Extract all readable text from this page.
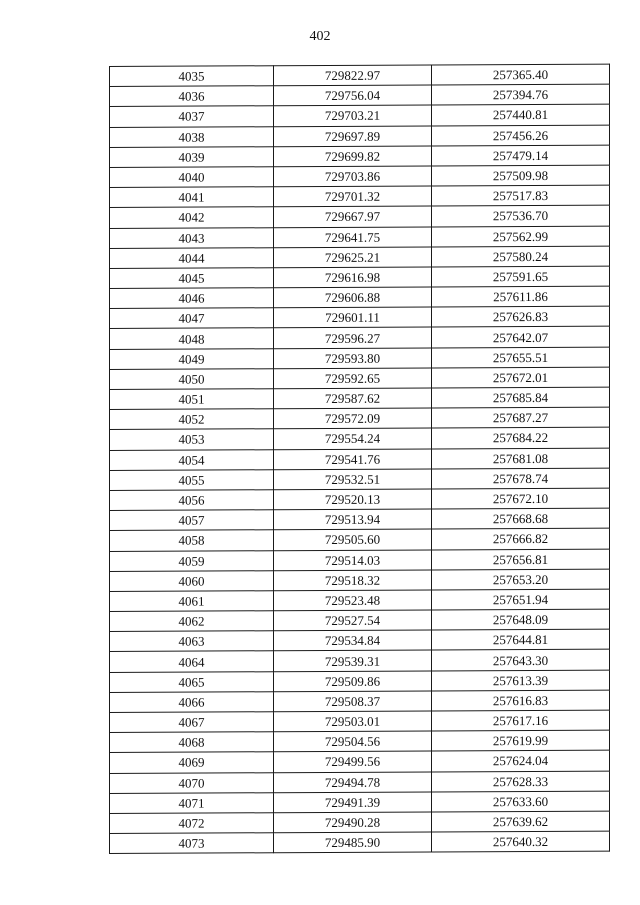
402
4035	729822.97	257365.40
4036	729756.04	257394.76
4037	729703.21	257440.81
4038	729697.89	257456.26
4039	729699.82	257479.14
4040	729703.86	257509.98
4041	729701.32	257517.83
4042	729667.97	257536.70
4043	729641.75	257562.99
4044	729625.21	257580.24
4045	729616.98	257591.65
4046	729606.88	257611.86
4047	729601.11	257626.83
4048	729596.27	257642.07
4049	729593.80	257655.51
4050	729592.65	257672.01
4051	729587.62	257685.84
4052	729572.09	257687.27
4053	729554.24	257684.22
4054	729541.76	257681.08
4055	729532.51	257678.74
4056	729520.13	257672.10
4057	729513.94	257668.68
4058	729505.60	257666.82
4059	729514.03	257656.81
4060	729518.32	257653.20
4061	729523.48	257651.94
4062	729527.54	257648.09
4063	729534.84	257644.81
4064	729539.31	257643.30
4065	729509.86	257613.39
4066	729508.37	257616.83
4067	729503.01	257617.16
4068	729504.56	257619.99
4069	729499.56	257624.04
4070	729494.78	257628.33
4071	729491.39	257633.60
4072	729490.28	257639.62
4073	729485.90	257640.32
